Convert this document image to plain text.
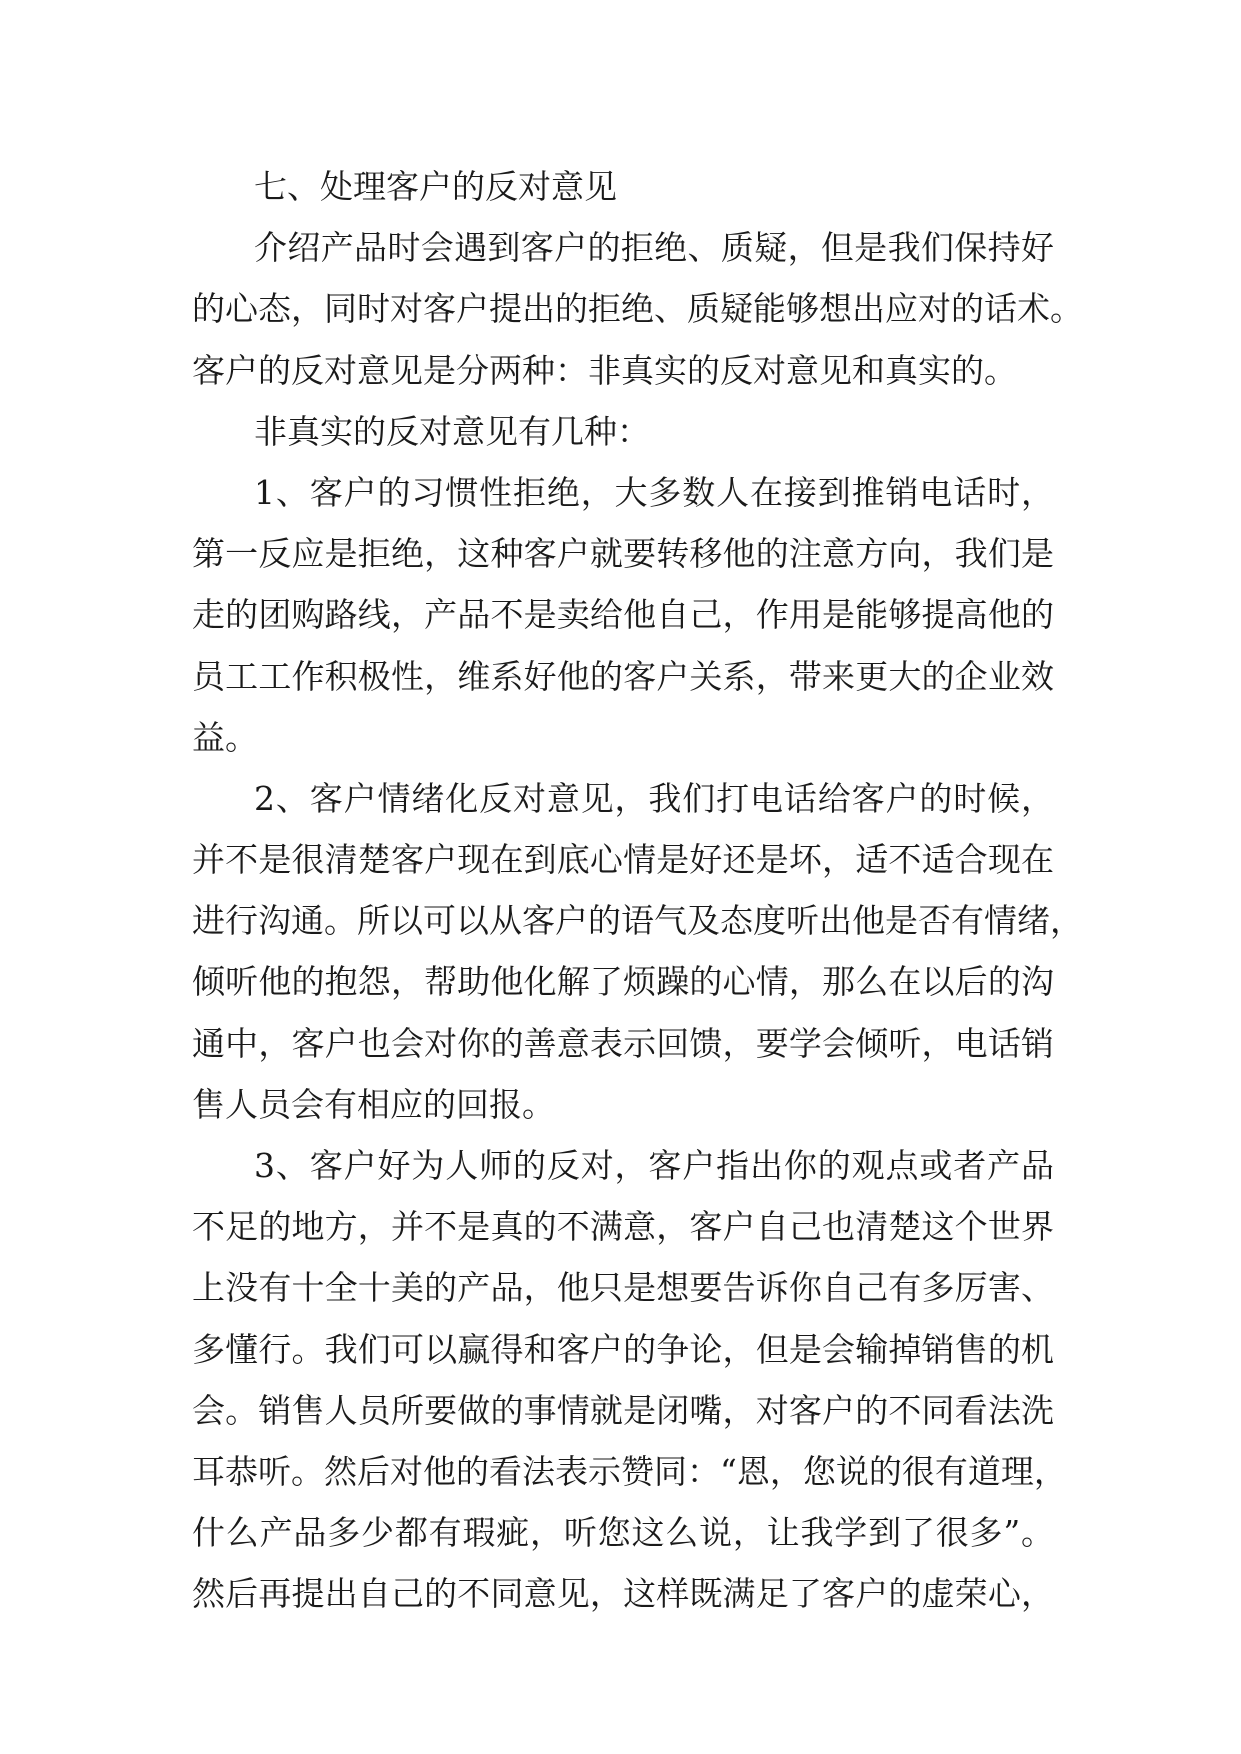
七、处理客户的反对意见
介绍产品时会遇到客户的拒绝、质疑，但是我们保持好
的心态，同时对客户提出的拒绝、质疑能够想出应对的话术。
客户的反对意见是分两种：非真实的反对意见和真实的。
非真实的反对意见有几种：
1、客户的习惯性拒绝，大多数人在接到推销电话时，
第一反应是拒绝，这种客户就要转移他的注意方向，我们是
走的团购路线，产品不是卖给他自己，作用是能够提高他的
员工工作积极性，维系好他的客户关系，带来更大的企业效
益。
2、客户情绪化反对意见，我们打电话给客户的时候，
并不是很清楚客户现在到底心情是好还是坏，适不适合现在
进行沟通。所以可以从客户的语气及态度听出他是否有情绪，
倾听他的抱怨，帮助他化解了烦躁的心情，那么在以后的沟
通中，客户也会对你的善意表示回馈，要学会倾听，电话销
售人员会有相应的回报。
3、客户好为人师的反对，客户指出你的观点或者产品
不足的地方，并不是真的不满意，客户自己也清楚这个世界
上没有十全十美的产品，他只是想要告诉你自己有多厉害、
多懂行。我们可以赢得和客户的争论，但是会输掉销售的机
会。销售人员所要做的事情就是闭嘴，对客户的不同看法洗
耳恭听。然后对他的看法表示赞同：“恩，您说的很有道理，
什么产品多少都有瑕疵，听您这么说，让我学到了很多”。
然后再提出自己的不同意见，这样既满足了客户的虚荣心，
